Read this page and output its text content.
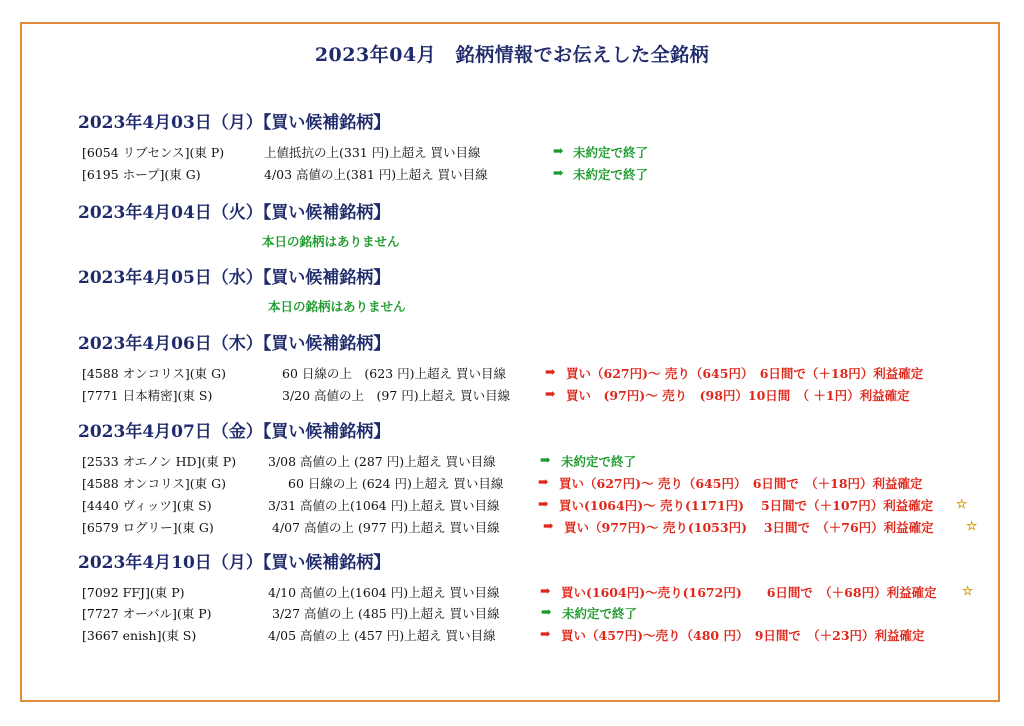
2023年04月　銘柄情報でお伝えした全銘柄
2023年4月03日（月）【買い候補銘柄】
[6054 リブセンス](東 P)	上値抵抗の上(331 円)上超え 買い目線	➡ 未約定で終了
[6195 ホープ](東 G)	4/03 高値の上(381 円)上超え 買い目線	➡ 未約定で終了
2023年4月04日（火）【買い候補銘柄】
本日の銘柄はありません
2023年4月05日（水）【買い候補銘柄】
本日の銘柄はありません
2023年4月06日（木）【買い候補銘柄】
[4588 オンコリス](東 G)	60 日線の上　(623 円)上超え 買い目線	➡ 買い（627円)～ 売り（645円）　6日間で（＋18円）利益確定
[7771 日本精密](東 S)	3/20 高値の上　(97 円)上超え 買い目線	➡ 買い　(97円)～ 売り　(98円）10日間　（ ＋1円）利益確定
2023年4月07日（金）【買い候補銘柄】
[2533 オエノン HD](東 P)	3/08 高値の上 (287 円)上超え 買い目線	➡ 未約定で終了
[4588 オンコリス](東 G)	60 日線の上 (624 円)上超え 買い目線	➡ 買い（627円)～ 売り（645円）　6日間で　（＋18円）利益確定
[4440 ヴィッツ](東 S)	3/31 高値の上(1064 円)上超え 買い目線	➡ 買い(1064円)～ 売り(1171円)　 5日間で（＋107円）利益確定 ☆
[6579 ログリー](東 G)	4/07 高値の上 (977 円)上超え 買い目線	➡ 買い（977円)～ 売り(1053円)　 3日間で　（＋76円）利益確定	☆
2023年4月10日（月）【買い候補銘柄】
[7092 FFJ](東 P)	4/10 高値の上(1604 円)上超え 買い目線	➡ 買い(1604円)～売り(1672円)　　6日間で　（＋68円）利益確定 ☆
[7727 オーバル](東 P)	3/27 高値の上 (485 円)上超え 買い目線	➡ 未約定で終了
[3667 enish](東 S)	4/05 高値の上 (457 円)上超え 買い目線	➡ 買い（457円)～売り（480 円）　9日間で　（＋23円）利益確定
